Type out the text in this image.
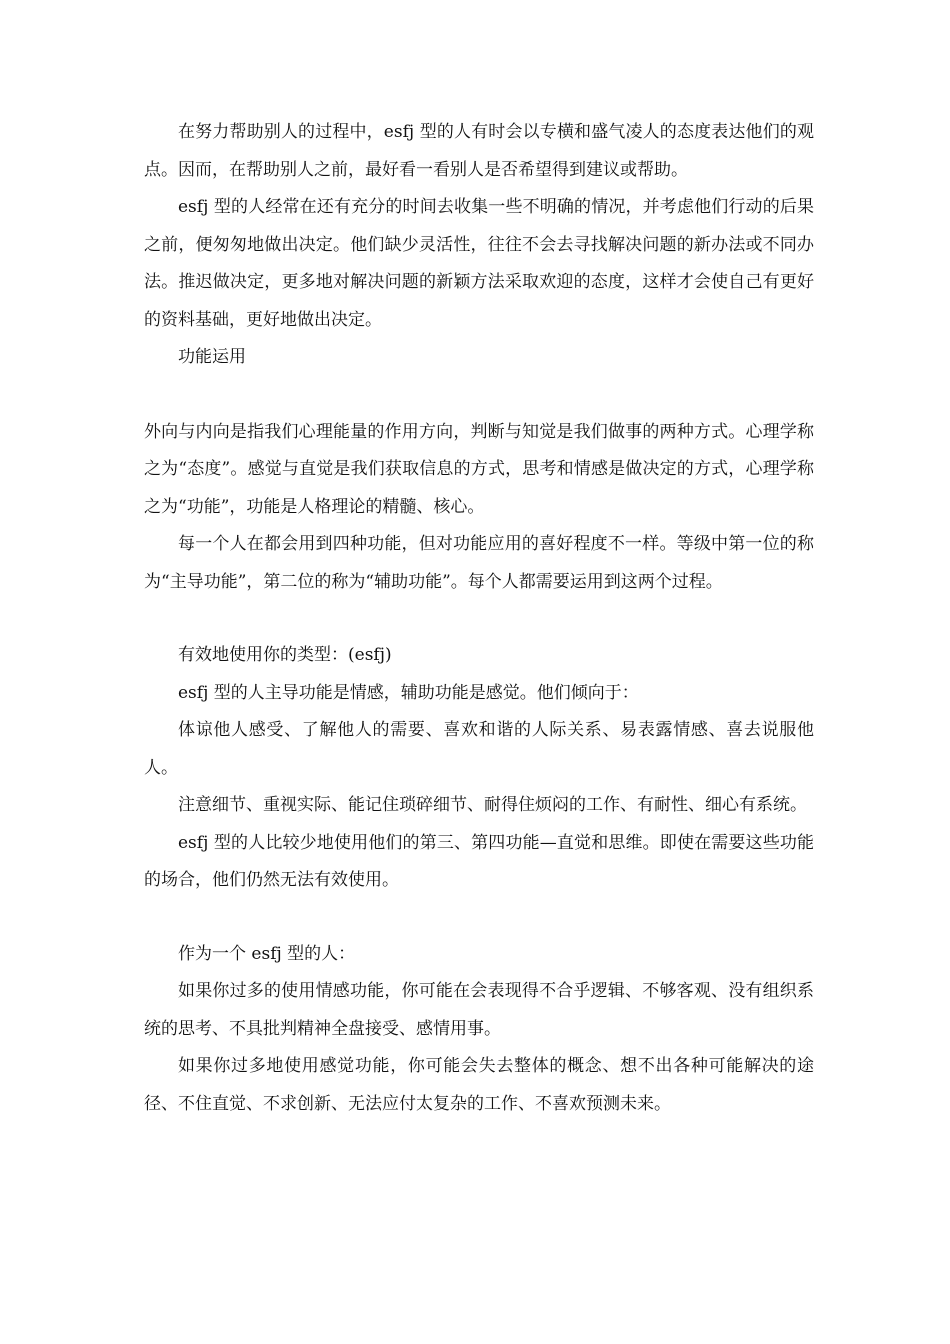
在努力帮助别人的过程中，esfj 型的人有时会以专横和盛气凌人的态度表达他们的观点。因而，在帮助别人之前，最好看一看别人是否希望得到建议或帮助。

esfj 型的人经常在还有充分的时间去收集一些不明确的情况，并考虑他们行动的后果之前，便匆匆地做出决定。他们缺少灵活性，往往不会去寻找解决问题的新办法或不同办法。推迟做决定，更多地对解决问题的新颖方法采取欢迎的态度，这样才会使自己有更好的资料基础，更好地做出决定。

功能运用

外向与内向是指我们心理能量的作用方向，判断与知觉是我们做事的两种方式。心理学称之为“态度”。感觉与直觉是我们获取信息的方式，思考和情感是做决定的方式，心理学称之为“功能”，功能是人格理论的精髓、核心。

每一个人在都会用到四种功能，但对功能应用的喜好程度不一样。等级中第一位的称为“主导功能”，第二位的称为“辅助功能”。每个人都需要运用到这两个过程。

有效地使用你的类型：(esfj)

esfj 型的人主导功能是情感，辅助功能是感觉。他们倾向于：

体谅他人感受、了解他人的需要、喜欢和谐的人际关系、易表露情感、喜去说服他人。

注意细节、重视实际、能记住琐碎细节、耐得住烦闷的工作、有耐性、细心有系统。

esfj 型的人比较少地使用他们的第三、第四功能—直觉和思维。即使在需要这些功能的场合，他们仍然无法有效使用。

作为一个 esfj 型的人：

如果你过多的使用情感功能，你可能在会表现得不合乎逻辑、不够客观、没有组织系统的思考、不具批判精神全盘接受、感情用事。

如果你过多地使用感觉功能，你可能会失去整体的概念、想不出各种可能解决的途径、不住直觉、不求创新、无法应付太复杂的工作、不喜欢预测未来。
